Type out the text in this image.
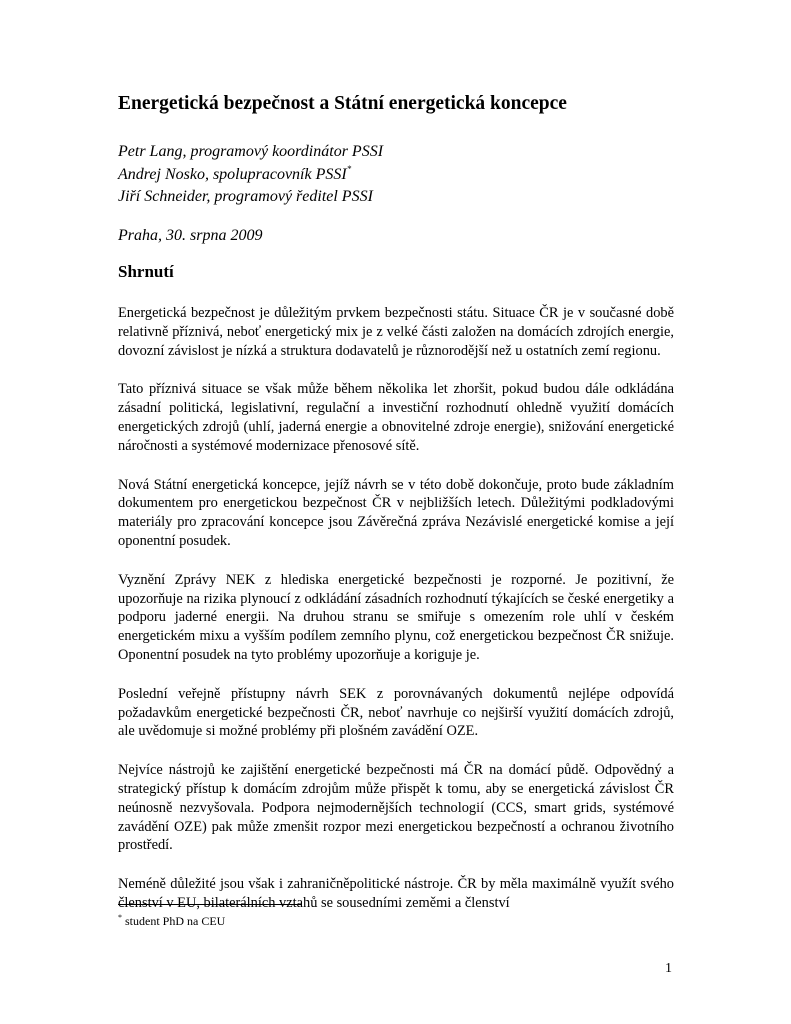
Energetická bezpečnost a Státní energetická koncepce
Petr Lang, programový koordinátor PSSI
Andrej Nosko, spolupracovník PSSI*
Jiří Schneider, programový ředitel PSSI
Praha, 30. srpna 2009
Shrnutí

Energetická bezpečnost je důležitým prvkem bezpečnosti státu. Situace ČR je v současné době relativně příznivá, neboť energetický mix je z velké části založen na domácích zdrojích energie, dovozní závislost je nízká a struktura dodavatelů je různorodější než u ostatních zemí regionu.

Tato příznivá situace se však může během několika let zhoršit, pokud budou dále odkládána zásadní politická, legislativní, regulační a investiční rozhodnutí ohledně využití domácích energetických zdrojů (uhlí, jaderná energie a obnovitelné zdroje energie), snižování energetické náročnosti a systémové modernizace přenosové sítě.

Nová Státní energetická koncepce, jejíž návrh se v této době dokončuje, proto bude základním dokumentem pro energetickou bezpečnost ČR v nejbližších letech. Důležitými podkladovými materiály pro zpracování koncepce jsou Závěrečná zpráva Nezávislé energetické komise a její oponentní posudek.

Vyznění Zprávy NEK z hlediska energetické bezpečnosti je rozporné. Je pozitivní, že upozorňuje na rizika plynoucí z odkládání zásadních rozhodnutí týkajících se české energetiky a podporu jaderné energii. Na druhou stranu se smiřuje s omezením role uhlí v českém energetickém mixu a vyšším podílem zemního plynu, což energetickou bezpečnost ČR snižuje. Oponentní posudek na tyto problémy upozorňuje a koriguje je.

Poslední veřejně přístupny návrh SEK z porovnávaných dokumentů nejlépe odpovídá požadavkům energetické bezpečnosti ČR, neboť navrhuje co nejširší využití domácích zdrojů, ale uvědomuje si možné problémy při plošném zavádění OZE.

Nejvíce nástrojů ke zajištění energetické bezpečnosti má ČR na domácí půdě. Odpovědný a strategický přístup k domácím zdrojům může přispět k tomu, aby se energetická závislost ČR neúnosně nezvyšovala. Podpora nejmodernějších technologií (CCS, smart grids, systémové zavádění OZE) pak může zmenšit rozpor mezi energetickou bezpečností a ochranou životního prostředí.

Neméně důležité jsou však i zahraničněpolitické nástroje. ČR by měla maximálně využít svého členství v EU, bilaterálních vztahů se sousedními zeměmi a členství

* student PhD na CEU
1
